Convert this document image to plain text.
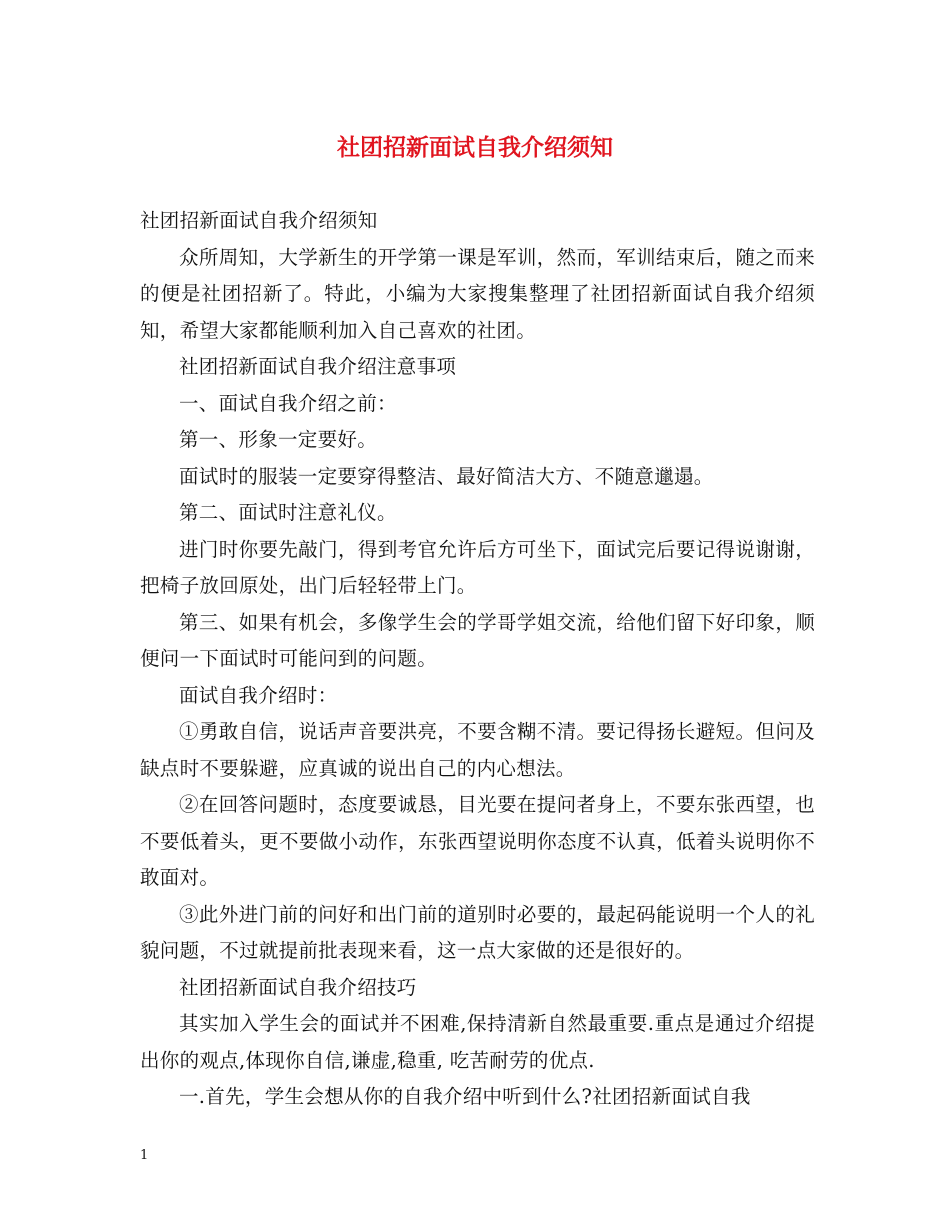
社团招新面试自我介绍须知

社团招新面试自我介绍须知

众所周知，大学新生的开学第一课是军训，然而，军训结束后，随之而来的便是社团招新了。特此，小编为大家搜集整理了社团招新面试自我介绍须知，希望大家都能顺利加入自己喜欢的社团。

社团招新面试自我介绍注意事项

一、面试自我介绍之前：

第一、形象一定要好。

面试时的服装一定要穿得整洁、最好简洁大方、不随意邋遢。

第二、面试时注意礼仪。

进门时你要先敲门，得到考官允许后方可坐下，面试完后要记得说谢谢，把椅子放回原处，出门后轻轻带上门。

第三、如果有机会，多像学生会的学哥学姐交流，给他们留下好印象，顺便问一下面试时可能问到的问题。

面试自我介绍时：

①勇敢自信，说话声音要洪亮，不要含糊不清。要记得扬长避短。但问及缺点时不要躲避，应真诚的说出自己的内心想法。

②在回答问题时，态度要诚恳，目光要在提问者身上，不要东张西望，也不要低着头，更不要做小动作，东张西望说明你态度不认真，低着头说明你不敢面对。

③此外进门前的问好和出门前的道别时必要的，最起码能说明一个人的礼貌问题，不过就提前批表现来看，这一点大家做的还是很好的。

社团招新面试自我介绍技巧

其实加入学生会的面试并不困难,保持清新自然最重要.重点是通过介绍提出你的观点,体现你自信,谦虚,稳重, 吃苦耐劳的优点.

一.首先，学生会想从你的自我介绍中听到什么?社团招新面试自我

1
